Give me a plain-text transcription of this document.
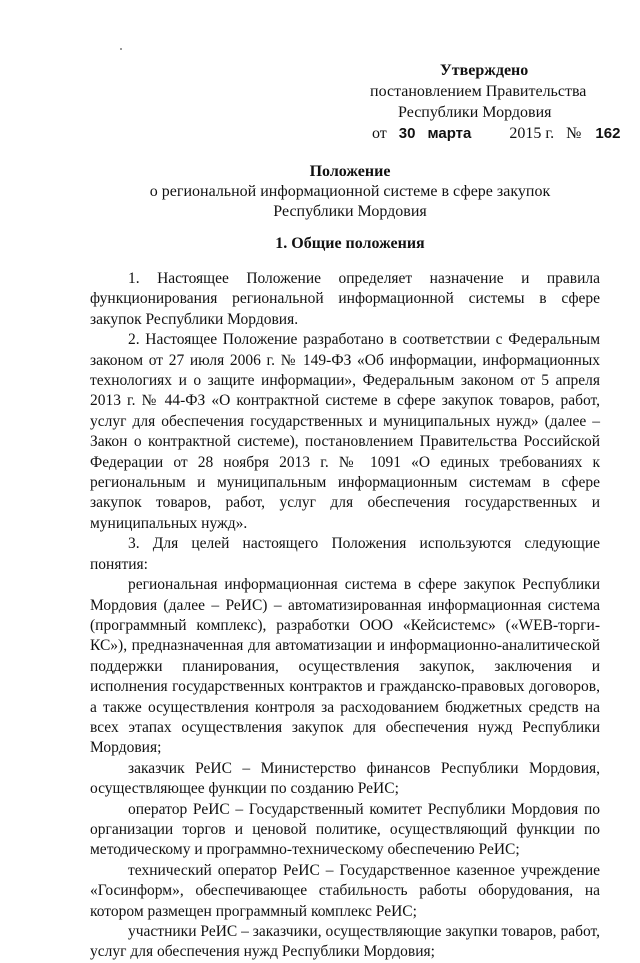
Утверждено
постановлением Правительства
Республики Мордовия
от 30 марта 2015 г. № 162
Положение
о региональной информационной системе в сфере закупок
Республики Мордовия
1. Общие положения

1. Настоящее Положение определяет назначение и правила функционирования региональной информационной системы в сфере закупок Республики Мордовия.

2. Настоящее Положение разработано в соответствии с Федеральным законом от 27 июля 2006 г. № 149-ФЗ «Об информации, информационных технологиях и о защите информации», Федеральным законом от 5 апреля 2013 г. № 44-ФЗ «О контрактной системе в сфере закупок товаров, работ, услуг для обеспечения государственных и муниципальных нужд» (далее – Закон о контрактной системе), постановлением Правительства Российской Федерации от 28 ноября 2013 г. № 1091 «О единых требованиях к региональным и муниципальным информационным системам в сфере закупок товаров, работ, услуг для обеспечения государственных и муниципальных нужд».

3. Для целей настоящего Положения используются следующие понятия:

региональная информационная система в сфере закупок Республики Мордовия (далее – РеИС) – автоматизированная информационная система (программный комплекс), разработки ООО «Кейсистемс» («WEB-торги-КС»), предназначенная для автоматизации и информационно-аналитической поддержки планирования, осуществления закупок, заключения и исполнения государственных контрактов и гражданско-правовых договоров, а также осуществления контроля за расходованием бюджетных средств на всех этапах осуществления закупок для обеспечения нужд Республики Мордовия;

заказчик РеИС – Министерство финансов Республики Мордовия, осуществляющее функции по созданию РеИС;

оператор РеИС – Государственный комитет Республики Мордовия по организации торгов и ценовой политике, осуществляющий функции по методическому и программно-техническому обеспечению РеИС;

технический оператор РеИС – Государственное казенное учреждение «Госинформ», обеспечивающее стабильность работы оборудования, на котором размещен программный комплекс РеИС;

участники РеИС – заказчики, осуществляющие закупки товаров, работ, услуг для обеспечения нужд Республики Мордовия;
